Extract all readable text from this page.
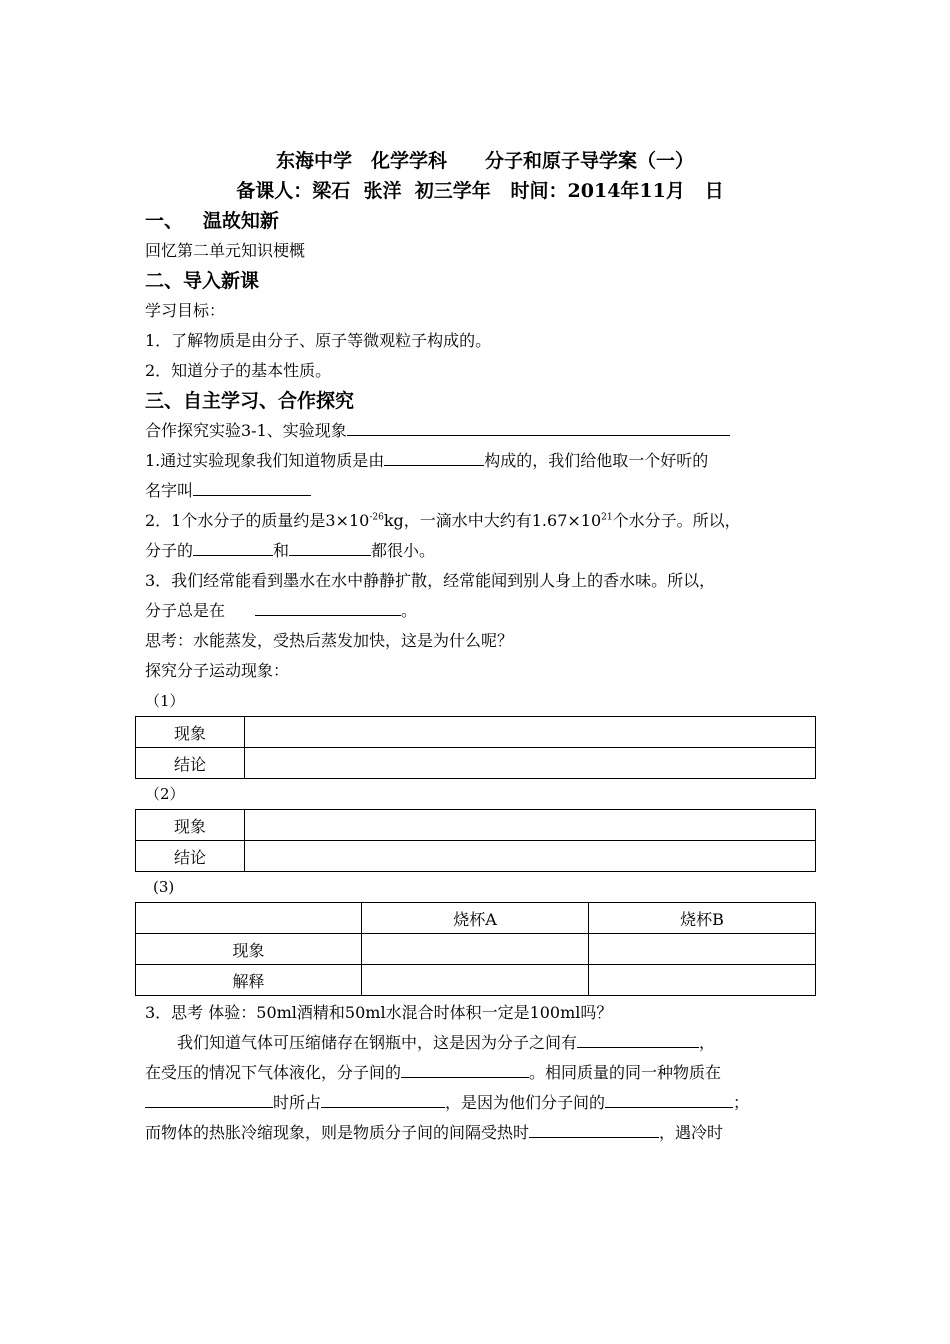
东海中学　化学学科　　分子和原子导学案（一）

备课人：梁石  张洋  初三学年   时间：2014年11月   日

一、   温故知新

回忆第二单元知识梗概

二、导入新课

学习目标：

1．了解物质是由分子、原子等微观粒子构成的。

2．知道分子的基本性质。

三、自主学习、合作探究

合作探究实验3-1、实验现象

1.通过实验现象我们知道物质是由	构成的，我们给他取一个好听的

名字叫

2．1个水分子的质量约是$3\times 10^{-26}kg$，一滴水中大约有$1.67\times 10^{21}$个水分子。所以，

分子的	和	都很小。

3．我们经常能看到墨水在水中静静扩散，经常能闻到别人身上的香水味。所以，

分子总是在	。

思考：水能蒸发，受热后蒸发加快，这是为什么呢？

探究分子运动现象：

（1）

现象	
结论	

（2）

现象	
结论	

(3)

	烧杯A	烧杯B
现象		
解释		

3．思考 体验：50ml酒精和50ml水混合时体积一定是100ml吗？

我们知道气体可压缩储存在钢瓶中，这是因为分子之间有	，

在受压的情况下气体液化，分子间的	。相同质量的同一种物质在

时所占	，是因为他们分子间的	；

而物体的热胀冷缩现象，则是物质分子间的间隔受热时	，遇冷时
